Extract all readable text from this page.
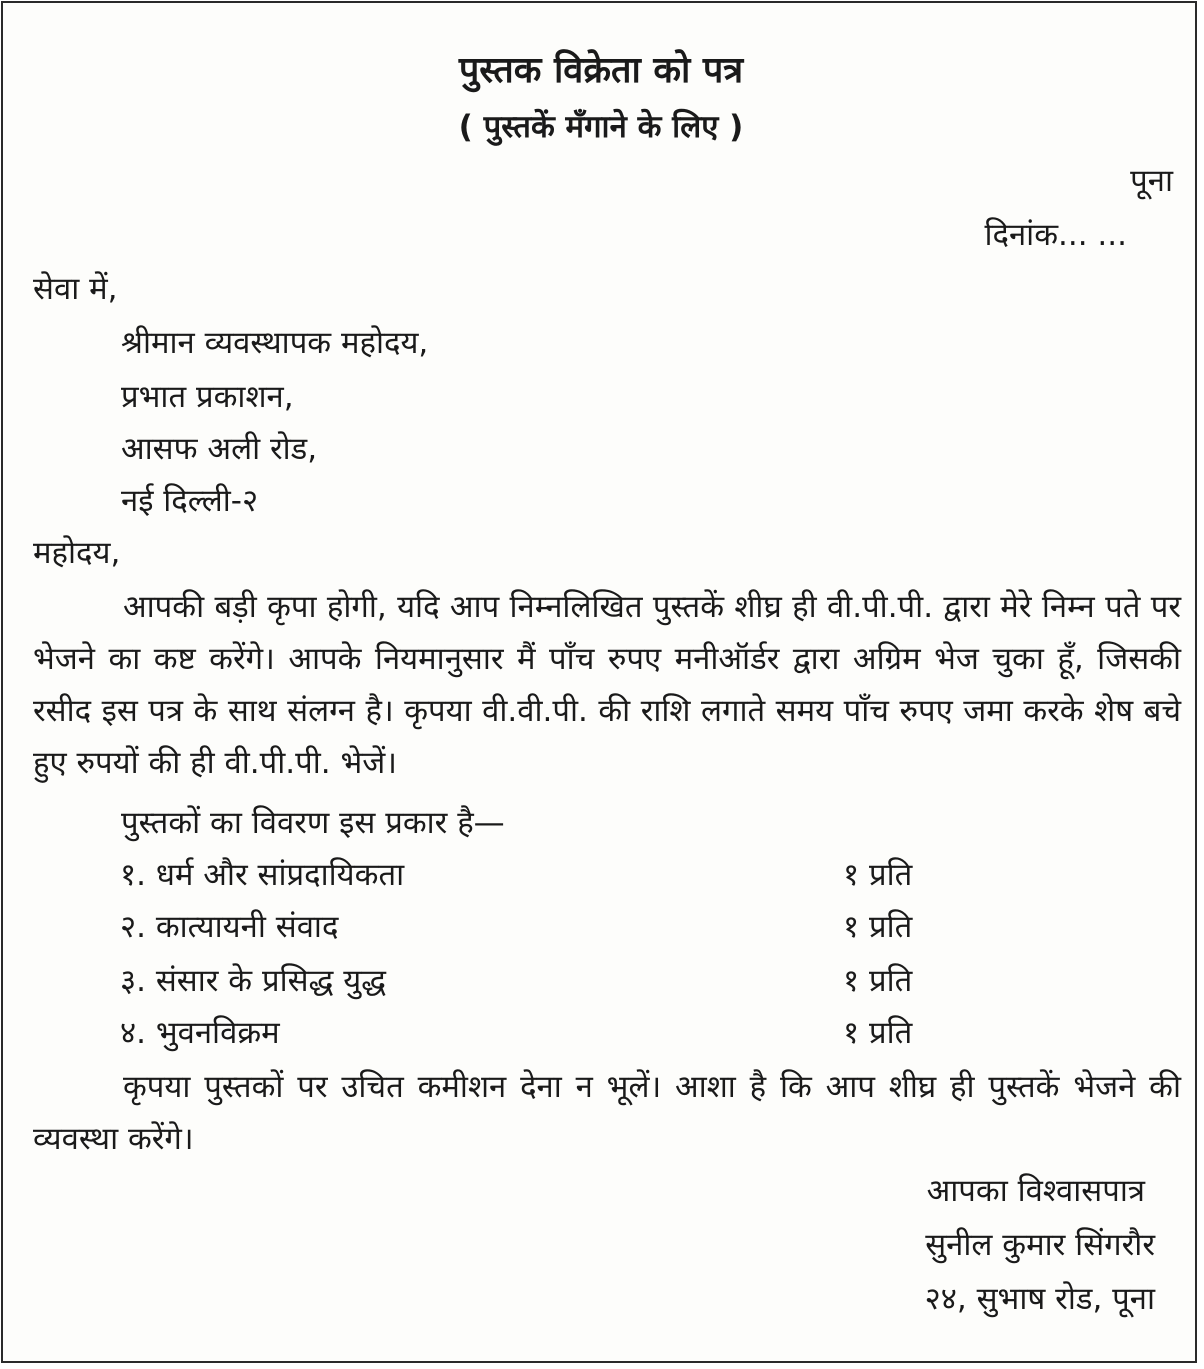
पुस्तक विक्रेता को पत्र
( पुस्तकें मँगाने के लिए )
पूना
दिनांक... ...
सेवा में,
श्रीमान व्यवस्थापक महोदय,
प्रभात प्रकाशन,
आसफ अली रोड,
नई दिल्ली-२
महोदय,
आपकी बड़ी कृपा होगी, यदि आप निम्नलिखित पुस्तकें शीघ्र ही वी.पी.पी. द्वारा मेरे निम्न पते पर भेजने का कष्ट करेंगे। आपके नियमानुसार मैं पाँच रुपए मनीऑर्डर द्वारा अग्रिम भेज चुका हूँ, जिसकी रसीद इस पत्र के साथ संलग्न है। कृपया वी.वी.पी. की राशि लगाते समय पाँच रुपए जमा करके शेष बचे हुए रुपयों की ही वी.पी.पी. भेजें।
पुस्तकों का विवरण इस प्रकार है—
१. धर्म और सांप्रदायिकता	१ प्रति
२. कात्यायनी संवाद	१ प्रति
३. संसार के प्रसिद्ध युद्ध	१ प्रति
४. भुवनविक्रम	१ प्रति
कृपया पुस्तकों पर उचित कमीशन देना न भूलें। आशा है कि आप शीघ्र ही पुस्तकें भेजने की व्यवस्था करेंगे।
आपका विश्वासपात्र
सुनील कुमार सिंगरौर
२४, सुभाष रोड, पूना
